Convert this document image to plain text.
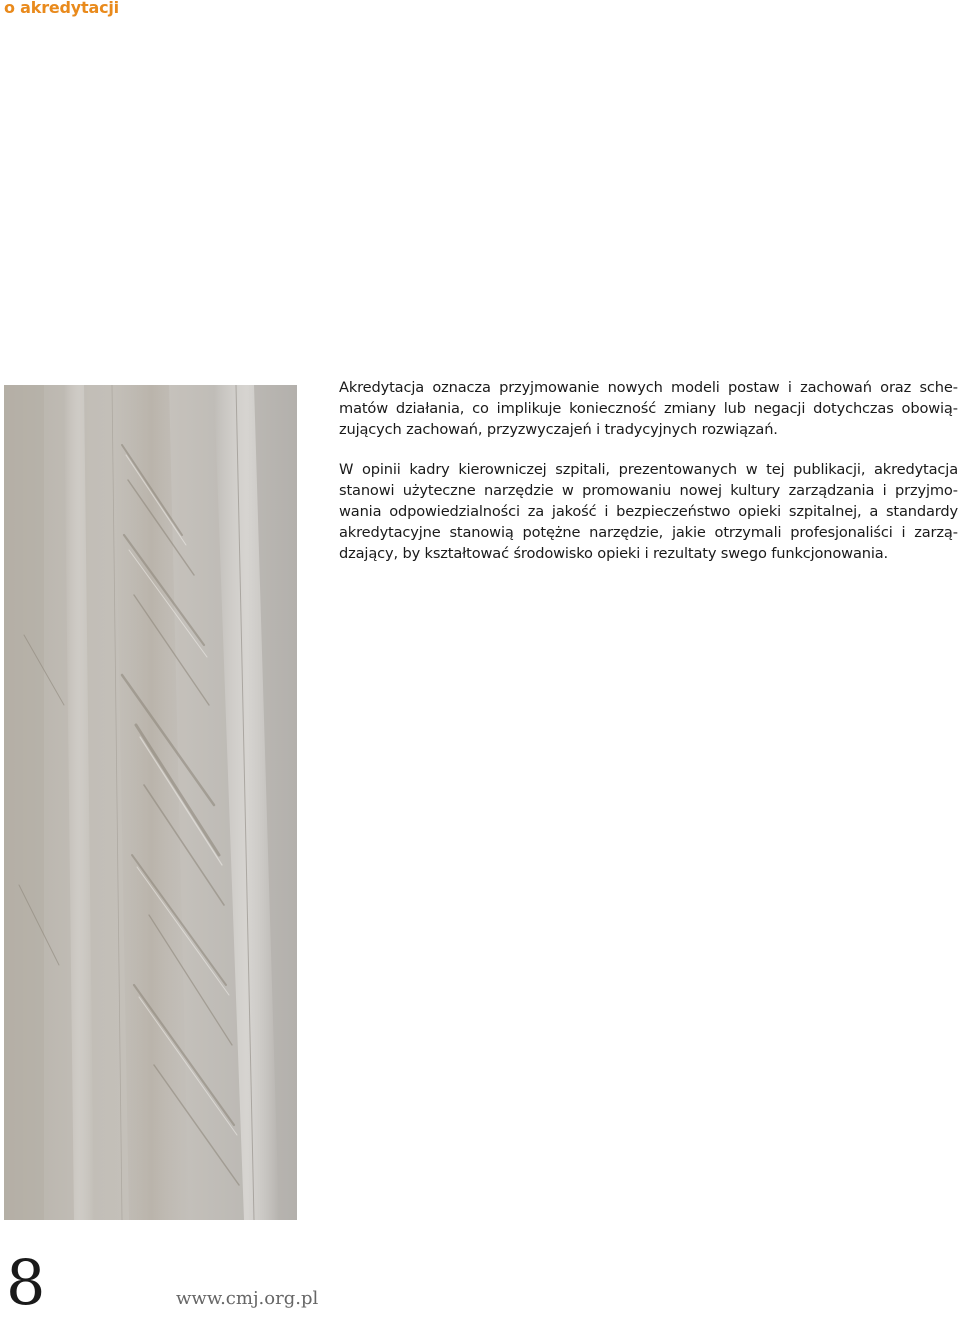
o akredytacji

Akredytacja oznacza przyjmowanie nowych modeli postaw i zachowań oraz schematów działania, co implikuje konieczność zmiany lub negacji dotychczas obowiązujących zachowań, przyzwyczajeń i tradycyjnych rozwiązań.

W opinii kadry kierowniczej szpitali, prezentowanych w tej publikacji, akredytacja stanowi użyteczne narzędzie w promowaniu nowej kultury zarządzania i przyjmowania odpowiedzialności za jakość i bezpieczeństwo opieki szpitalnej, a standardy akredytacyjne stanowią potężne narzędzie, jakie otrzymali profesjonaliści i zarządzający, by kształtować środowisko opieki i rezultaty swego funkcjonowania.

8	www.cmj.org.pl
